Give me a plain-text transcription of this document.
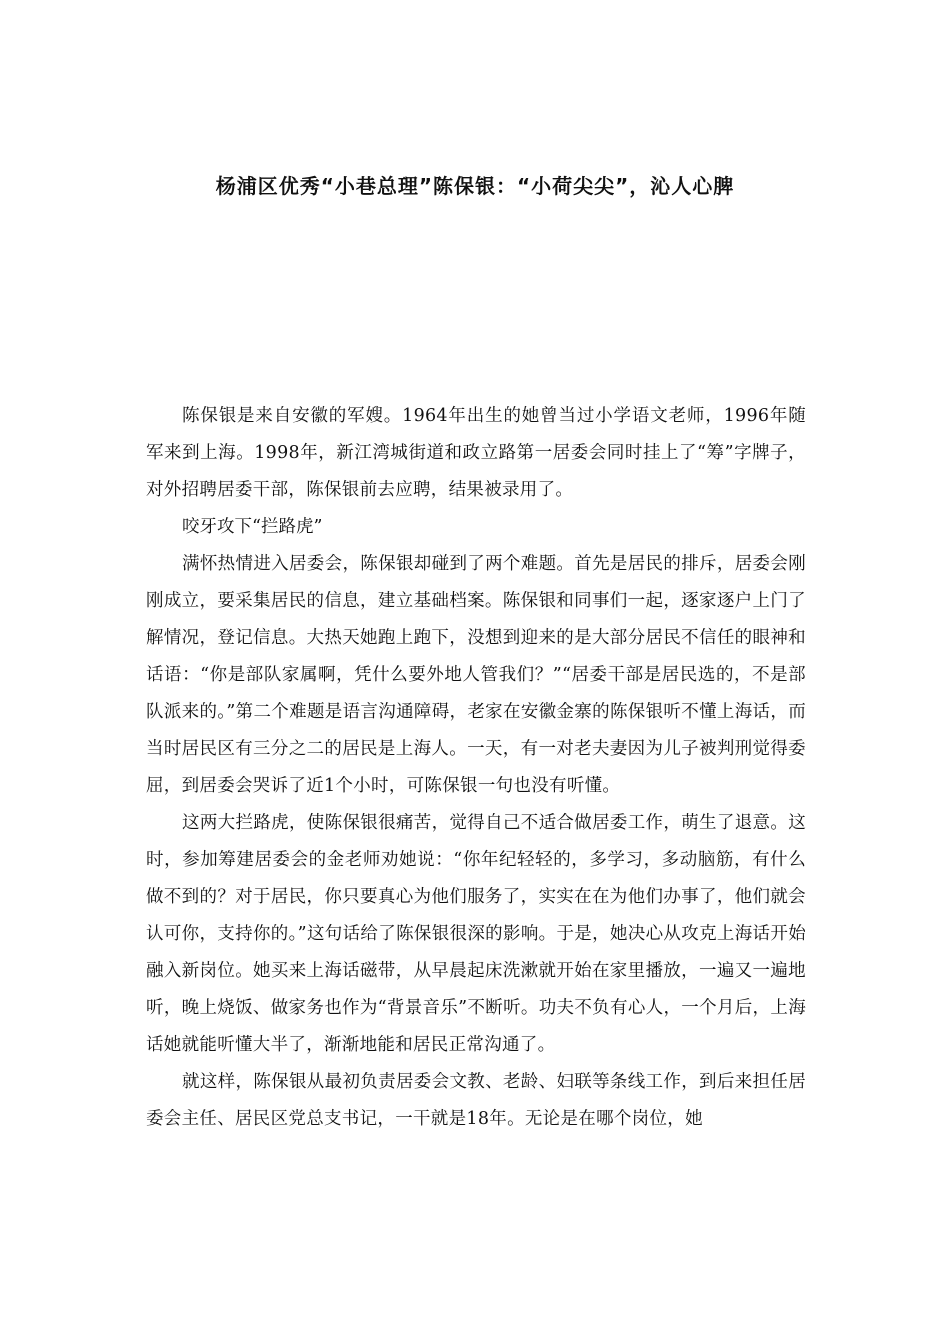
杨浦区优秀“小巷总理”陈保银：“小荷尖尖”，沁人心脾

陈保银是来自安徽的军嫂。1964年出生的她曾当过小学语文老师，1996年随军来到上海。1998年，新江湾城街道和政立路第一居委会同时挂上了“筹”字牌子，对外招聘居委干部，陈保银前去应聘，结果被录用了。

咬牙攻下“拦路虎”

满怀热情进入居委会，陈保银却碰到了两个难题。首先是居民的排斥，居委会刚刚成立，要采集居民的信息，建立基础档案。陈保银和同事们一起，逐家逐户上门了解情况，登记信息。大热天她跑上跑下，没想到迎来的是大部分居民不信任的眼神和话语：“你是部队家属啊，凭什么要外地人管我们？”“居委干部是居民选的，不是部队派来的。”第二个难题是语言沟通障碍，老家在安徽金寨的陈保银听不懂上海话，而当时居民区有三分之二的居民是上海人。一天，有一对老夫妻因为儿子被判刑觉得委屈，到居委会哭诉了近1个小时，可陈保银一句也没有听懂。

这两大拦路虎，使陈保银很痛苦，觉得自己不适合做居委工作，萌生了退意。这时，参加筹建居委会的金老师劝她说：“你年纪轻轻的，多学习，多动脑筋，有什么做不到的？对于居民，你只要真心为他们服务了，实实在在为他们办事了，他们就会认可你，支持你的。”这句话给了陈保银很深的影响。于是，她决心从攻克上海话开始融入新岗位。她买来上海话磁带，从早晨起床洗漱就开始在家里播放，一遍又一遍地听，晚上烧饭、做家务也作为“背景音乐”不断听。功夫不负有心人，一个月后，上海话她就能听懂大半了，渐渐地能和居民正常沟通了。

就这样，陈保银从最初负责居委会文教、老龄、妇联等条线工作，到后来担任居委会主任、居民区党总支书记，一干就是18年。无论是在哪个岗位，她
